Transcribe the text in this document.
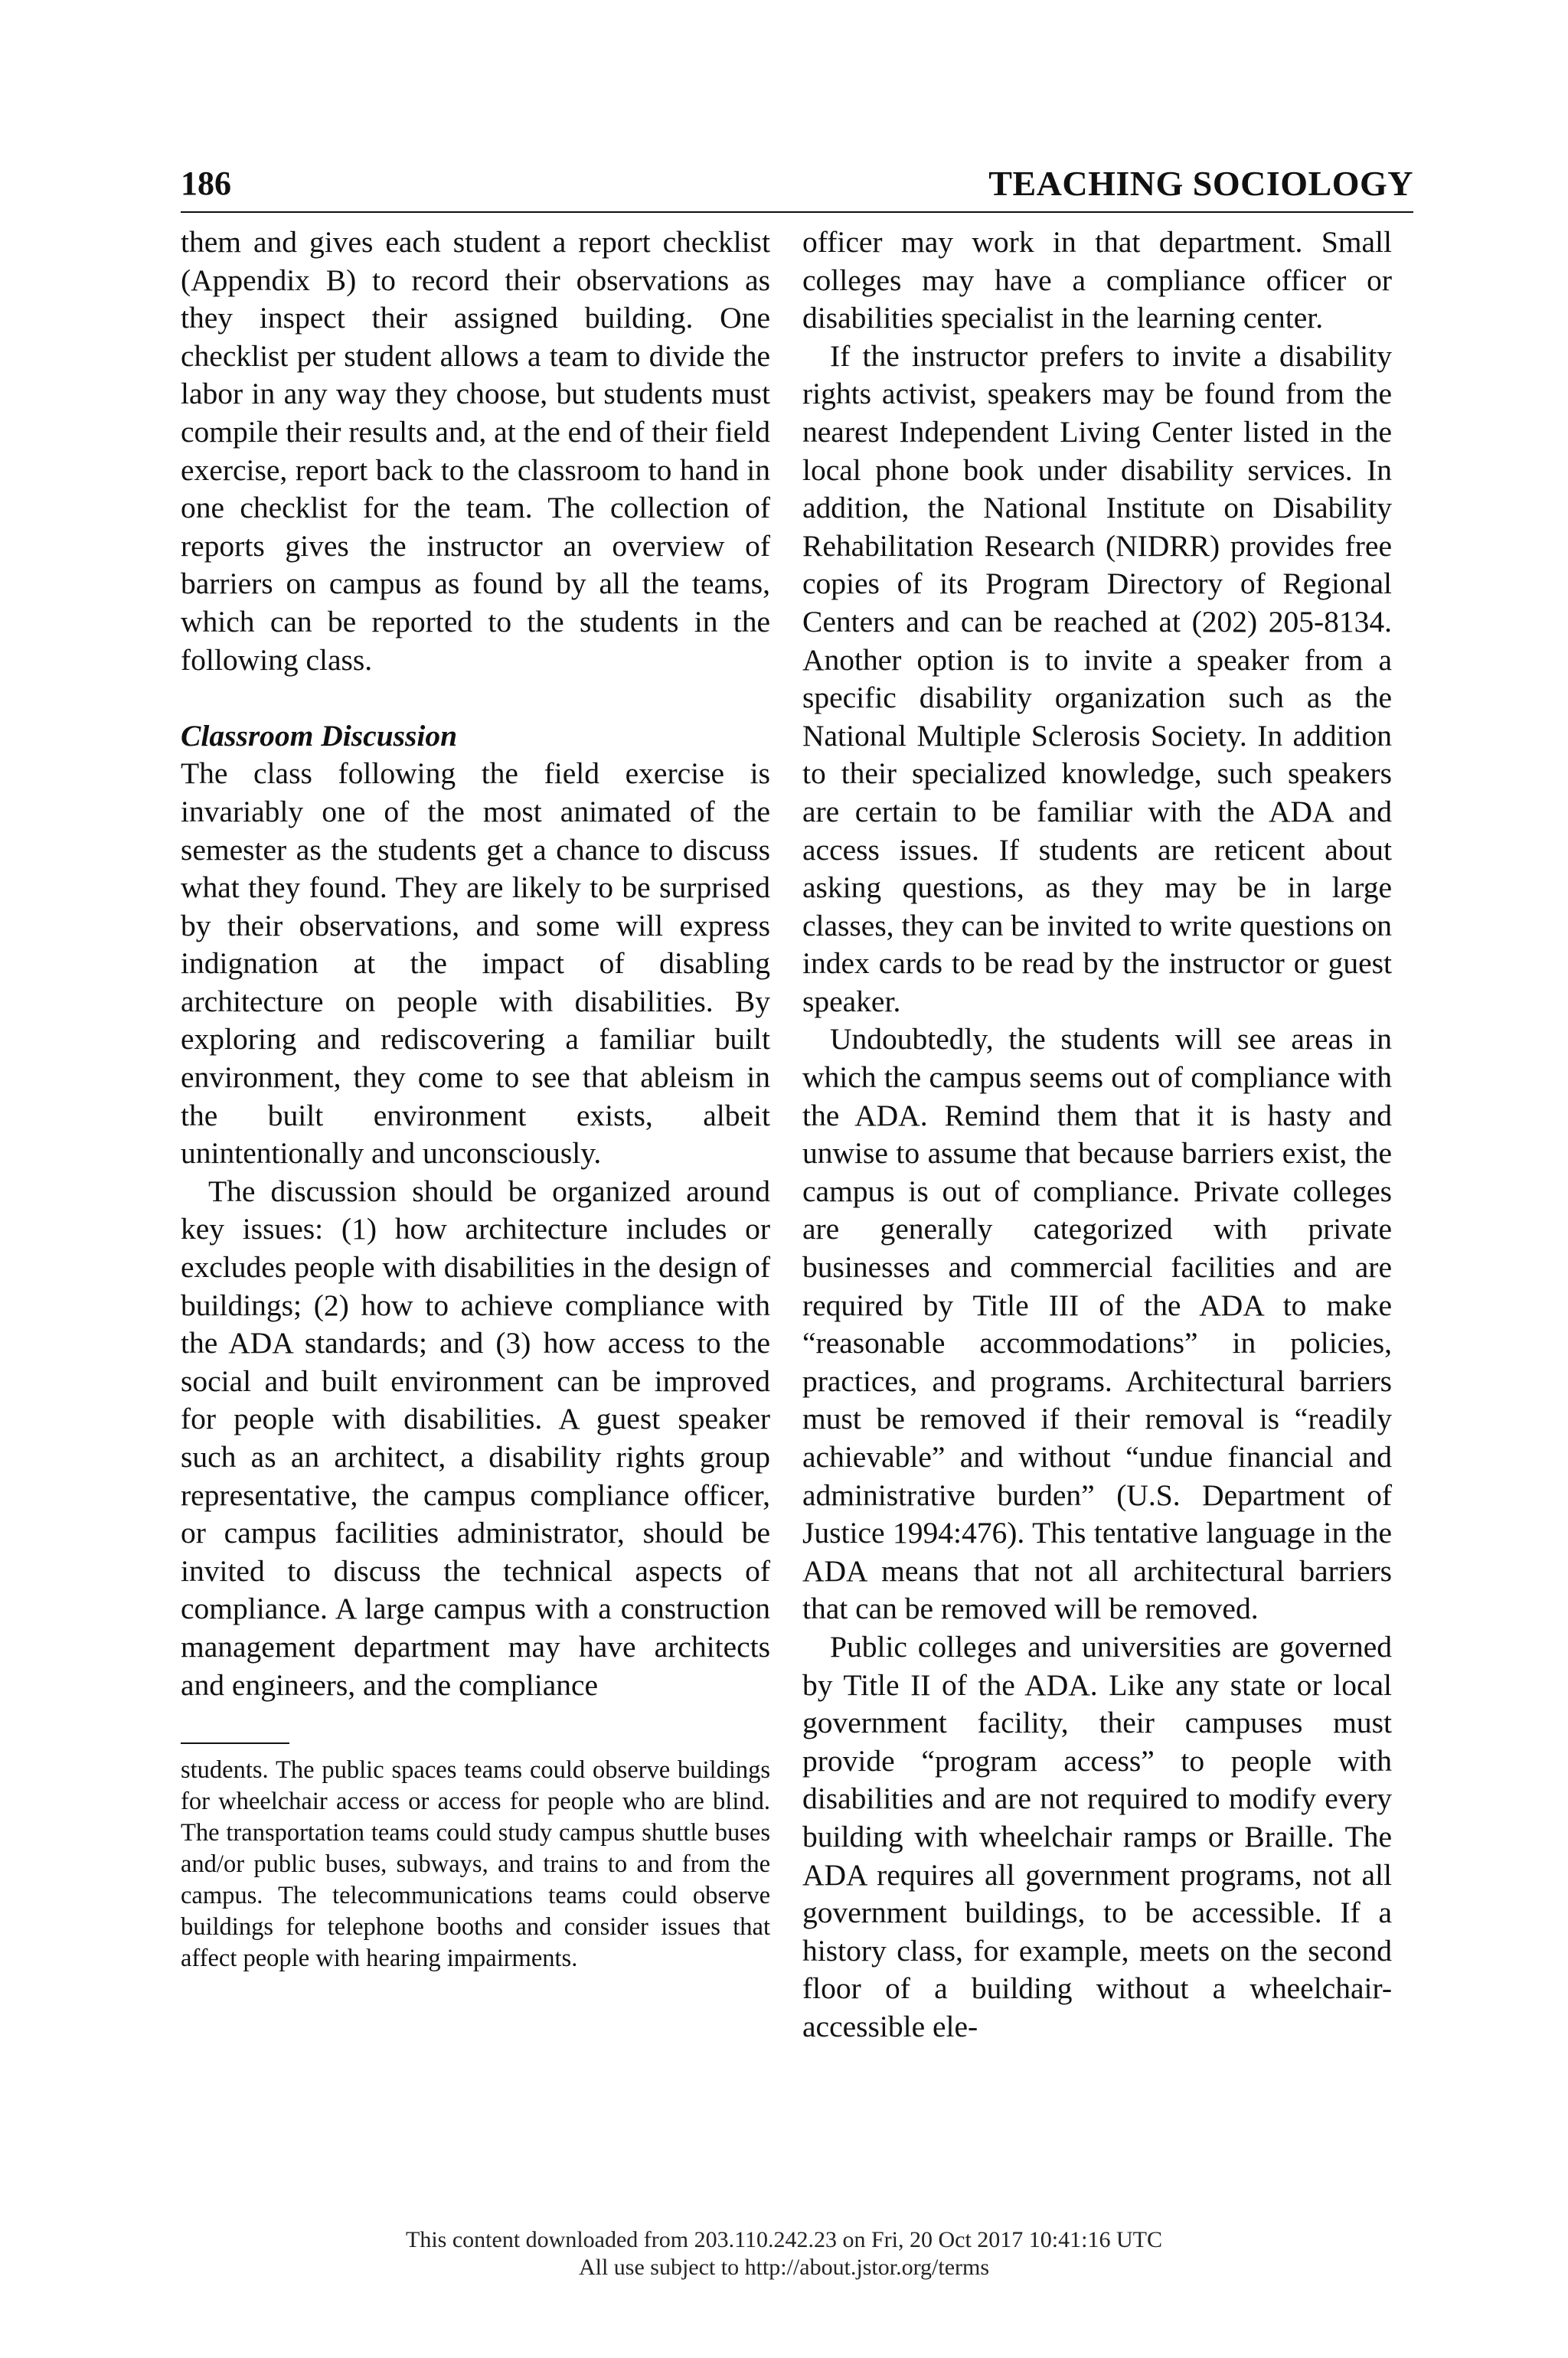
186	TEACHING SOCIOLOGY

them and gives each student a report checklist (Appendix B) to record their observations as they inspect their assigned building. One checklist per student allows a team to divide the labor in any way they choose, but students must compile their results and, at the end of their field exercise, report back to the classroom to hand in one checklist for the team. The collection of reports gives the instructor an overview of barriers on campus as found by all the teams, which can be reported to the students in the following class.

Classroom Discussion

The class following the field exercise is invariably one of the most animated of the semester as the students get a chance to discuss what they found. They are likely to be surprised by their observations, and some will express indignation at the impact of disabling architecture on people with disabilities. By exploring and rediscovering a familiar built environment, they come to see that ableism in the built environment exists, albeit unintentionally and unconsciously.

The discussion should be organized around key issues: (1) how architecture includes or excludes people with disabilities in the design of buildings; (2) how to achieve compliance with the ADA standards; and (3) how access to the social and built environment can be improved for people with disabilities. A guest speaker such as an architect, a disability rights group representative, the campus compliance officer, or campus facilities administrator, should be invited to discuss the technical aspects of compliance. A large campus with a construction management department may have architects and engineers, and the compliance

students. The public spaces teams could observe buildings for wheelchair access or access for people who are blind. The transportation teams could study campus shuttle buses and/or public buses, subways, and trains to and from the campus. The telecommunications teams could observe buildings for telephone booths and consider issues that affect people with hearing impairments.

officer may work in that department. Small colleges may have a compliance officer or disabilities specialist in the learning center.

If the instructor prefers to invite a disability rights activist, speakers may be found from the nearest Independent Living Center listed in the local phone book under disability services. In addition, the National Institute on Disability Rehabilitation Research (NIDRR) provides free copies of its Program Directory of Regional Centers and can be reached at (202) 205-8134. Another option is to invite a speaker from a specific disability organization such as the National Multiple Sclerosis Society. In addition to their specialized knowledge, such speakers are certain to be familiar with the ADA and access issues. If students are reticent about asking questions, as they may be in large classes, they can be invited to write questions on index cards to be read by the instructor or guest speaker.

Undoubtedly, the students will see areas in which the campus seems out of compliance with the ADA. Remind them that it is hasty and unwise to assume that because barriers exist, the campus is out of compliance. Private colleges are generally categorized with private businesses and commercial facilities and are required by Title III of the ADA to make “reasonable accommodations” in policies, practices, and programs. Architectural barriers must be removed if their removal is “readily achievable” and without “undue financial and administrative burden” (U.S. Department of Justice 1994:476). This tentative language in the ADA means that not all architectural barriers that can be removed will be removed.

Public colleges and universities are governed by Title II of the ADA. Like any state or local government facility, their campuses must provide “program access” to people with disabilities and are not required to modify every building with wheelchair ramps or Braille. The ADA requires all government programs, not all government buildings, to be accessible. If a history class, for example, meets on the second floor of a building without a wheelchair-accessible ele-

This content downloaded from 203.110.242.23 on Fri, 20 Oct 2017 10:41:16 UTC
All use subject to http://about.jstor.org/terms
